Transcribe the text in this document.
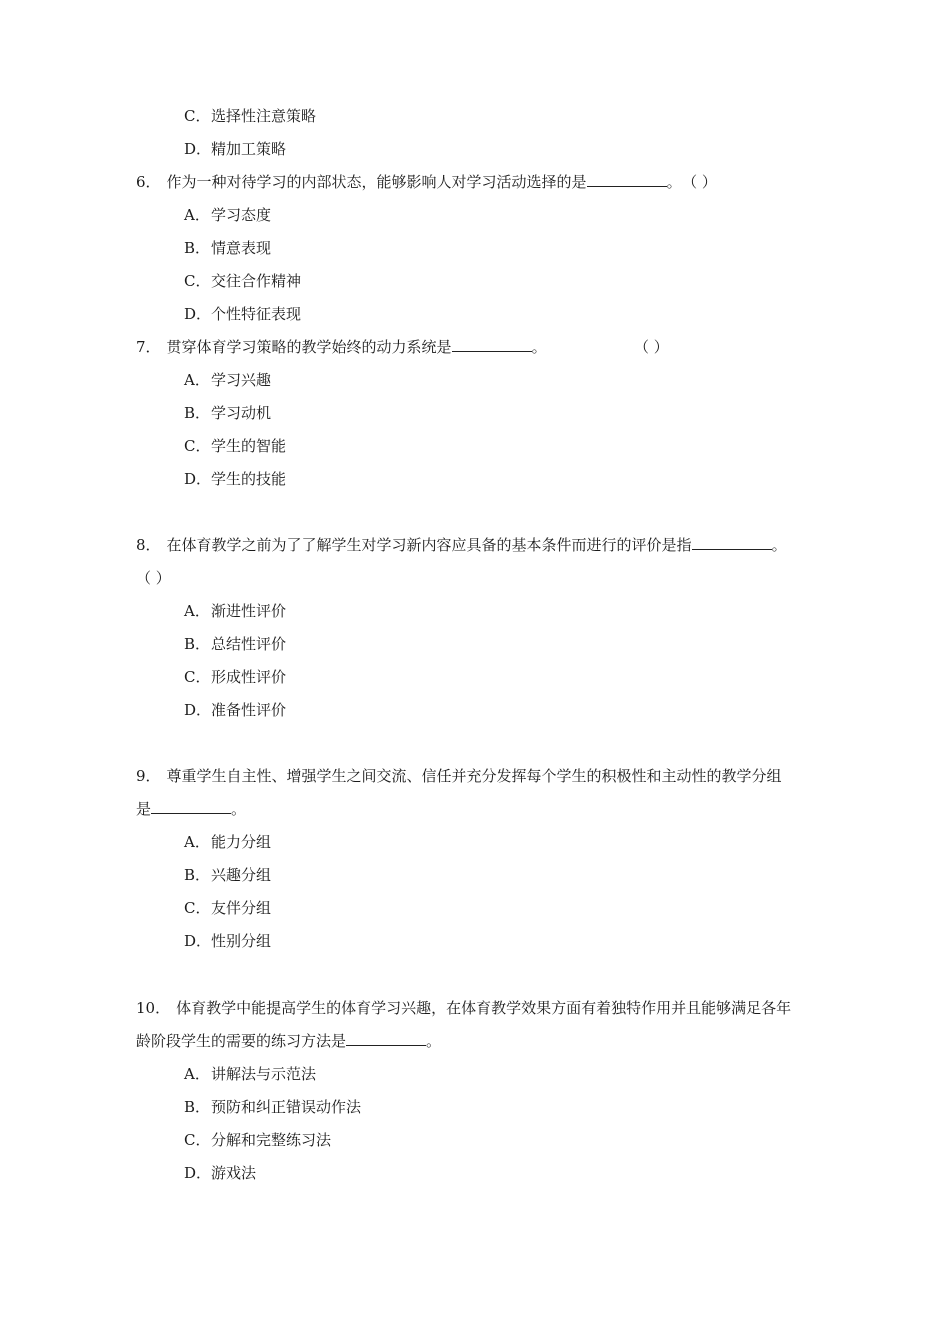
C．选择性注意策略
D．精加工策略
6． 作为一种对待学习的内部状态，能够影响人对学习活动选择的是	。 （ ）
A．学习态度
B．情意表现
C．交往合作精神
D．个性特征表现
7． 贯穿体育学习策略的教学始终的动力系统是	。	（ ）
A．学习兴趣
B．学习动机
C．学生的智能
D．学生的技能
8． 在体育教学之前为了了解学生对学习新内容应具备的基本条件而进行的评价是指	。
（ ）
A．渐进性评价
B．总结性评价
C．形成性评价
D．准备性评价
9． 尊重学生自主性、增强学生之间交流、信任并充分发挥每个学生的积极性和主动性的教学分组
是	。
A．能力分组
B．兴趣分组
C．友伴分组
D．性别分组
10． 体育教学中能提高学生的体育学习兴趣，在体育教学效果方面有着独特作用并且能够满足各年
龄阶段学生的需要的练习方法是	。
A．讲解法与示范法
B．预防和纠正错误动作法
C．分解和完整练习法
D．游戏法
